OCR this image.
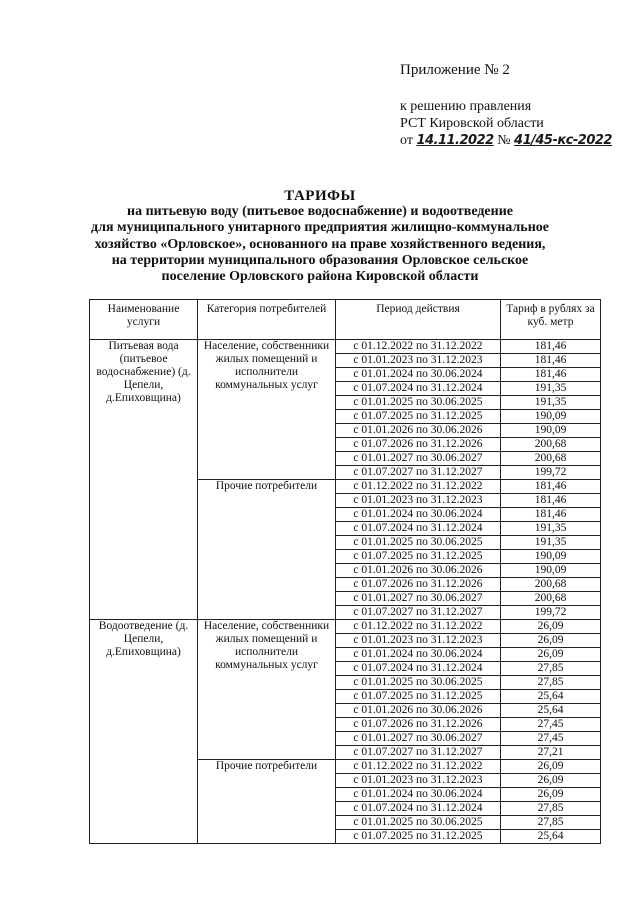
Приложение № 2
к решению правления
РСТ Кировской области
от 14.11.2022 № 41/45-кс-2022
ТАРИФЫ
на питьевую воду (питьевое водоснабжение) и водоотведение
для муниципального унитарного предприятия жилищно-коммунальное
хозяйство «Орловское», основанного на праве хозяйственного ведения,
на территории муниципального образования Орловское сельское
поселение Орловского района Кировской области
Наименование услуги	Категория потребителей	Период действия	Тариф в рублях за куб. метр
Питьевая вода (питьевое водоснабжение) (д. Цепели, д.Епиховщина)	Население, собственники жилых помещений и исполнители коммунальных услуг	с 01.12.2022 по 31.12.2022	181,46
		с 01.01.2023 по 31.12.2023	181,46
		с 01.01.2024 по 30.06.2024	181,46
		с 01.07.2024 по 31.12.2024	191,35
		с 01.01.2025 по 30.06.2025	191,35
		с 01.07.2025 по 31.12.2025	190,09
		с 01.01.2026 по 30.06.2026	190,09
		с 01.07.2026 по 31.12.2026	200,68
		с 01.01.2027 по 30.06.2027	200,68
		с 01.07.2027 по 31.12.2027	199,72
	Прочие потребители	с 01.12.2022 по 31.12.2022	181,46
		с 01.01.2023 по 31.12.2023	181,46
		с 01.01.2024 по 30.06.2024	181,46
		с 01.07.2024 по 31.12.2024	191,35
		с 01.01.2025 по 30.06.2025	191,35
		с 01.07.2025 по 31.12.2025	190,09
		с 01.01.2026 по 30.06.2026	190,09
		с 01.07.2026 по 31.12.2026	200,68
		с 01.01.2027 по 30.06.2027	200,68
		с 01.07.2027 по 31.12.2027	199,72
Водоотведение (д. Цепели, д.Епиховщина)	Население, собственники жилых помещений и исполнители коммунальных услуг	с 01.12.2022 по 31.12.2022	26,09
		с 01.01.2023 по 31.12.2023	26,09
		с 01.01.2024 по 30.06.2024	26,09
		с 01.07.2024 по 31.12.2024	27,85
		с 01.01.2025 по 30.06.2025	27,85
		с 01.07.2025 по 31.12.2025	25,64
		с 01.01.2026 по 30.06.2026	25,64
		с 01.07.2026 по 31.12.2026	27,45
		с 01.01.2027 по 30.06.2027	27,45
		с 01.07.2027 по 31.12.2027	27,21
	Прочие потребители	с 01.12.2022 по 31.12.2022	26,09
		с 01.01.2023 по 31.12.2023	26,09
		с 01.01.2024 по 30.06.2024	26,09
		с 01.07.2024 по 31.12.2024	27,85
		с 01.01.2025 по 30.06.2025	27,85
		с 01.07.2025 по 31.12.2025	25,64
